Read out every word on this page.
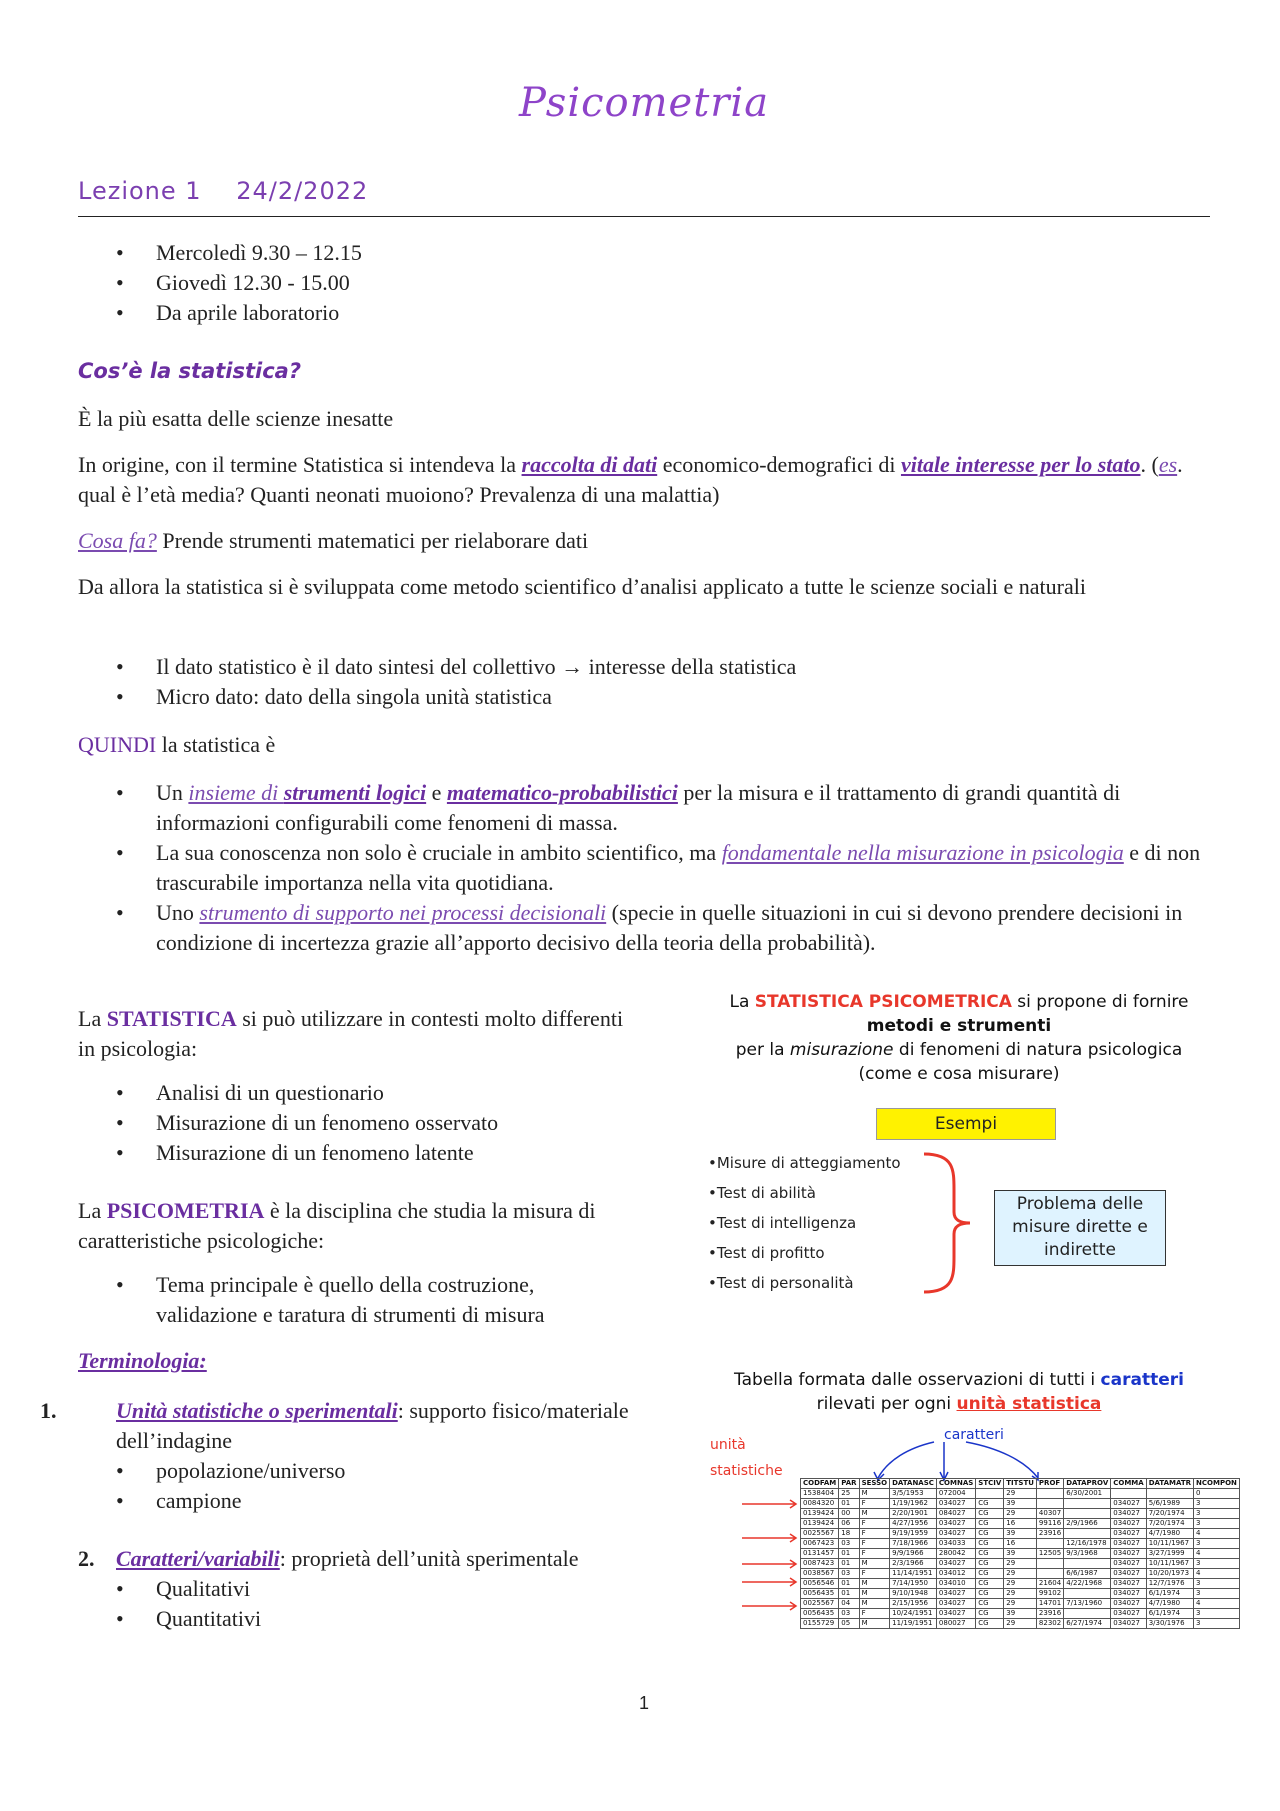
Psicometria
Lezione 1 24/2/2022
• Mercoledì 9.30 – 12.15
• Giovedì 12.30 - 15.00
• Da aprile laboratorio
Cos’è la statistica?

È la più esatta delle scienze inesatte

In origine, con il termine Statistica si intendeva la raccolta di dati economico-demografici di vitale interesse per lo stato. (es. qual è l’età media? Quanti neonati muoiono? Prevalenza di una malattia)

Cosa fa? Prende strumenti matematici per rielaborare dati

Da allora la statistica si è sviluppata come metodo scientifico d’analisi applicato a tutte le scienze sociali e naturali

• Il dato statistico è il dato sintesi del collettivo → interesse della statistica
• Micro dato: dato della singola unità statistica

QUINDI la statistica è

• Un insieme di strumenti logici e matematico-probabilistici per la misura e il trattamento di grandi quantità di informazioni configurabili come fenomeni di massa.
• La sua conoscenza non solo è cruciale in ambito scientifico, ma fondamentale nella misurazione in psicologia e di non trascurabile importanza nella vita quotidiana.
• Uno strumento di supporto nei processi decisionali (specie in quelle situazioni in cui si devono prendere decisioni in condizione di incertezza grazie all’apporto decisivo della teoria della probabilità).

La STATISTICA si può utilizzare in contesti molto differenti in psicologia:

• Analisi di un questionario
• Misurazione di un fenomeno osservato
• Misurazione di un fenomeno latente

La PSICOMETRIA è la disciplina che studia la misura di caratteristiche psicologiche:

• Tema principale è quello della costruzione, validazione e taratura di strumenti di misura
Terminologia:
1.	Unità statistiche o sperimentali: supporto fisico/materiale dell’indagine
• popolazione/universo
• campione
2. Caratteri/variabili: proprietà dell’unità sperimentale
• Qualitativi
• Quantitativi
La STATISTICA PSICOMETRICA si propone di fornire
metodi e strumenti
per la misurazione di fenomeni di natura psicologica
(come e cosa misurare)
Esempi
•Misure di atteggiamento
•Test di abilità
•Test di intelligenza
•Test di profitto
•Test di personalità
Problema delle
misure dirette e
indirette
Tabella formata dalle osservazioni di tutti i caratteri
rilevati per ogni unità statistica
unità
statistiche
caratteri
CODFAM	PAR	SESSO	DATANASC	COMNAS	STCIV	TITSTU	PROF	DATAPROV	COMMA	DATAMATR	NCOMPON
1538404	25	M	3/5/1953	072004		29		6/30/2001			0
0084320	01	F	1/19/1962	034027	CG	39			034027	5/6/1989	3
0139424	00	M	2/20/1901	084027	CG	29	40307		034027	7/20/1974	3
0139424	06	F	4/27/1956	034027	CG	16	99116	2/9/1966	034027	7/20/1974	3
0025567	18	F	9/19/1959	034027	CG	39	23916		034027	4/7/1980	4
0067423	03	F	7/18/1966	034033	CG	16		12/16/1978	034027	10/11/1967	3
0131457	01	F	9/9/1966	280042	CG	39	12505	9/3/1968	034027	3/27/1999	4
0087423	01	M	2/3/1966	034027	CG	29			034027	10/11/1967	3
0038567	03	F	11/14/1951	034012	CG	29		6/6/1987	034027	10/20/1973	4
0056546	01	M	7/14/1950	034010	CG	29	21604	4/22/1968	034027	12/7/1976	3
0056435	01	M	9/10/1948	034027	CG	29	99102		034027	6/1/1974	3
0025567	04	M	2/15/1956	034027	CG	29	14701	7/13/1960	034027	4/7/1980	4
0056435	03	F	10/24/1951	034027	CG	39	23916		034027	6/1/1974	3
0155729	05	M	11/19/1951	080027	CG	29	82302	6/27/1974	034027	3/30/1976	3
1
